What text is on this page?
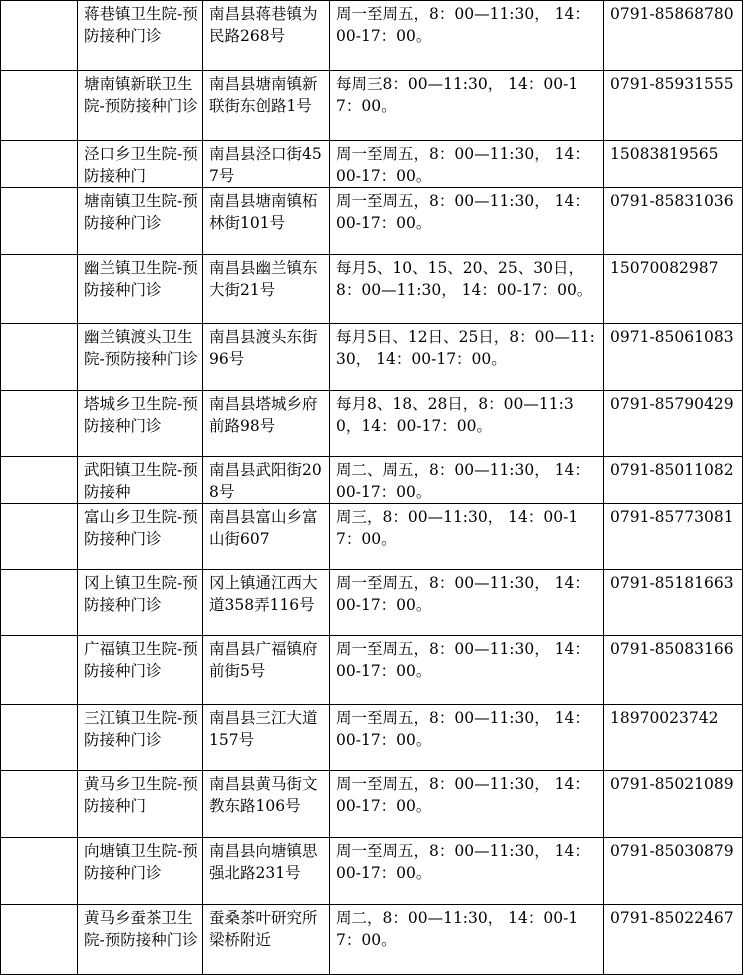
	蒋巷镇卫生院-预防接种门诊	南昌县蒋巷镇为民路268号	周一至周五，8：00—11:30， 14：00-17：00。	0791-85868780
	塘南镇新联卫生院-预防接种门诊	南昌县塘南镇新联街东创路1号	每周三8：00—11:30， 14：00-17：00。	0791-85931555
	泾口乡卫生院-预防接种门	南昌县泾口街457号	周一至周五，8：00—11:30， 14：00-17：00。	15083819565
	塘南镇卫生院-预防接种门诊	南昌县塘南镇柘林街101号	周一至周五，8：00—11:30， 14：00-17：00。	0791-85831036
	幽兰镇卫生院-预防接种门诊	南昌县幽兰镇东大街21号	每月5、10、15、20、25、30日，8：00—11:30， 14：00-17：00。	15070082987
	幽兰镇渡头卫生院-预防接种门诊	南昌县渡头东街96号	每月5日、12日、25日，8：00—11:30， 14：00-17：00。	0971-85061083
	塔城乡卫生院-预防接种门诊	南昌县塔城乡府前路98号	每月8、18、28日，8：00—11:30，14：00-17：00。	0791-85790429
	武阳镇卫生院-预防接种	南昌县武阳街208号	周二、周五，8：00—11:30， 14：00-17：00。	0791-85011082
	富山乡卫生院-预防接种门诊	南昌县富山乡富山街607	周三，8：00—11:30， 14：00-17：00。	0791-85773081
	冈上镇卫生院-预防接种门诊	冈上镇通江西大道358弄116号	周一至周五，8：00—11:30， 14：00-17：00。	0791-85181663
	广福镇卫生院-预防接种门诊	南昌县广福镇府前街5号	周一至周五，8：00—11:30， 14：00-17：00。	0791-85083166
	三江镇卫生院-预防接种门诊	南昌县三江大道157号	周一至周五，8：00—11:30， 14：00-17：00。	18970023742
	黄马乡卫生院-预防接种门	南昌县黄马街文教东路106号	周一至周五，8：00—11:30， 14：00-17：00。	0791-85021089
	向塘镇卫生院-预防接种门诊	南昌县向塘镇思强北路231号	周一至周五，8：00—11:30， 14：00-17：00。	0791-85030879
	黄马乡蚕茶卫生院-预防接种门诊	蚕桑茶叶研究所梁桥附近	周二，8：00—11:30， 14：00-17：00。	0791-85022467
